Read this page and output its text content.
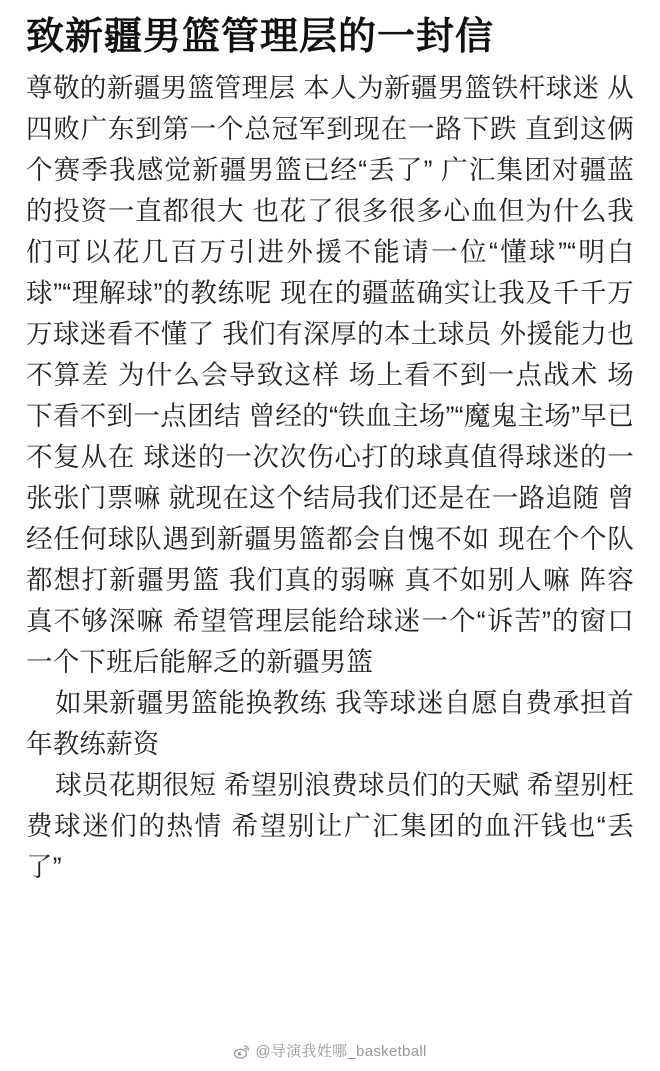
致新疆男篮管理层的一封信

尊敬的新疆男篮管理层 本人为新疆男篮铁杆球迷 从四败广东到第一个总冠军到现在一路下跌 直到这俩个赛季我感觉新疆男篮已经“丢了” 广汇集团对疆蓝的投资一直都很大 也花了很多很多心血但为什么我们可以花几百万引进外援不能请一位“懂球”“明白球”“理解球”的教练呢 现在的疆蓝确实让我及千千万万球迷看不懂了 我们有深厚的本土球员 外援能力也不算差 为什么会导致这样 场上看不到一点战术 场下看不到一点团结 曾经的“铁血主场”“魔鬼主场”早已不复从在 球迷的一次次伤心打的球真值得球迷的一张张门票嘛 就现在这个结局我们还是在一路追随 曾经任何球队遇到新疆男篮都会自愧不如 现在个个队都想打新疆男篮 我们真的弱嘛 真不如别人嘛 阵容真不够深嘛 希望管理层能给球迷一个“诉苦”的窗口 一个下班后能解乏的新疆男篮

如果新疆男篮能换教练 我等球迷自愿自费承担首年教练薪资

球员花期很短 希望别浪费球员们的天赋 希望别枉费球迷们的热情 希望别让广汇集团的血汗钱也“丢了”

@导演我姓哪_basketball
